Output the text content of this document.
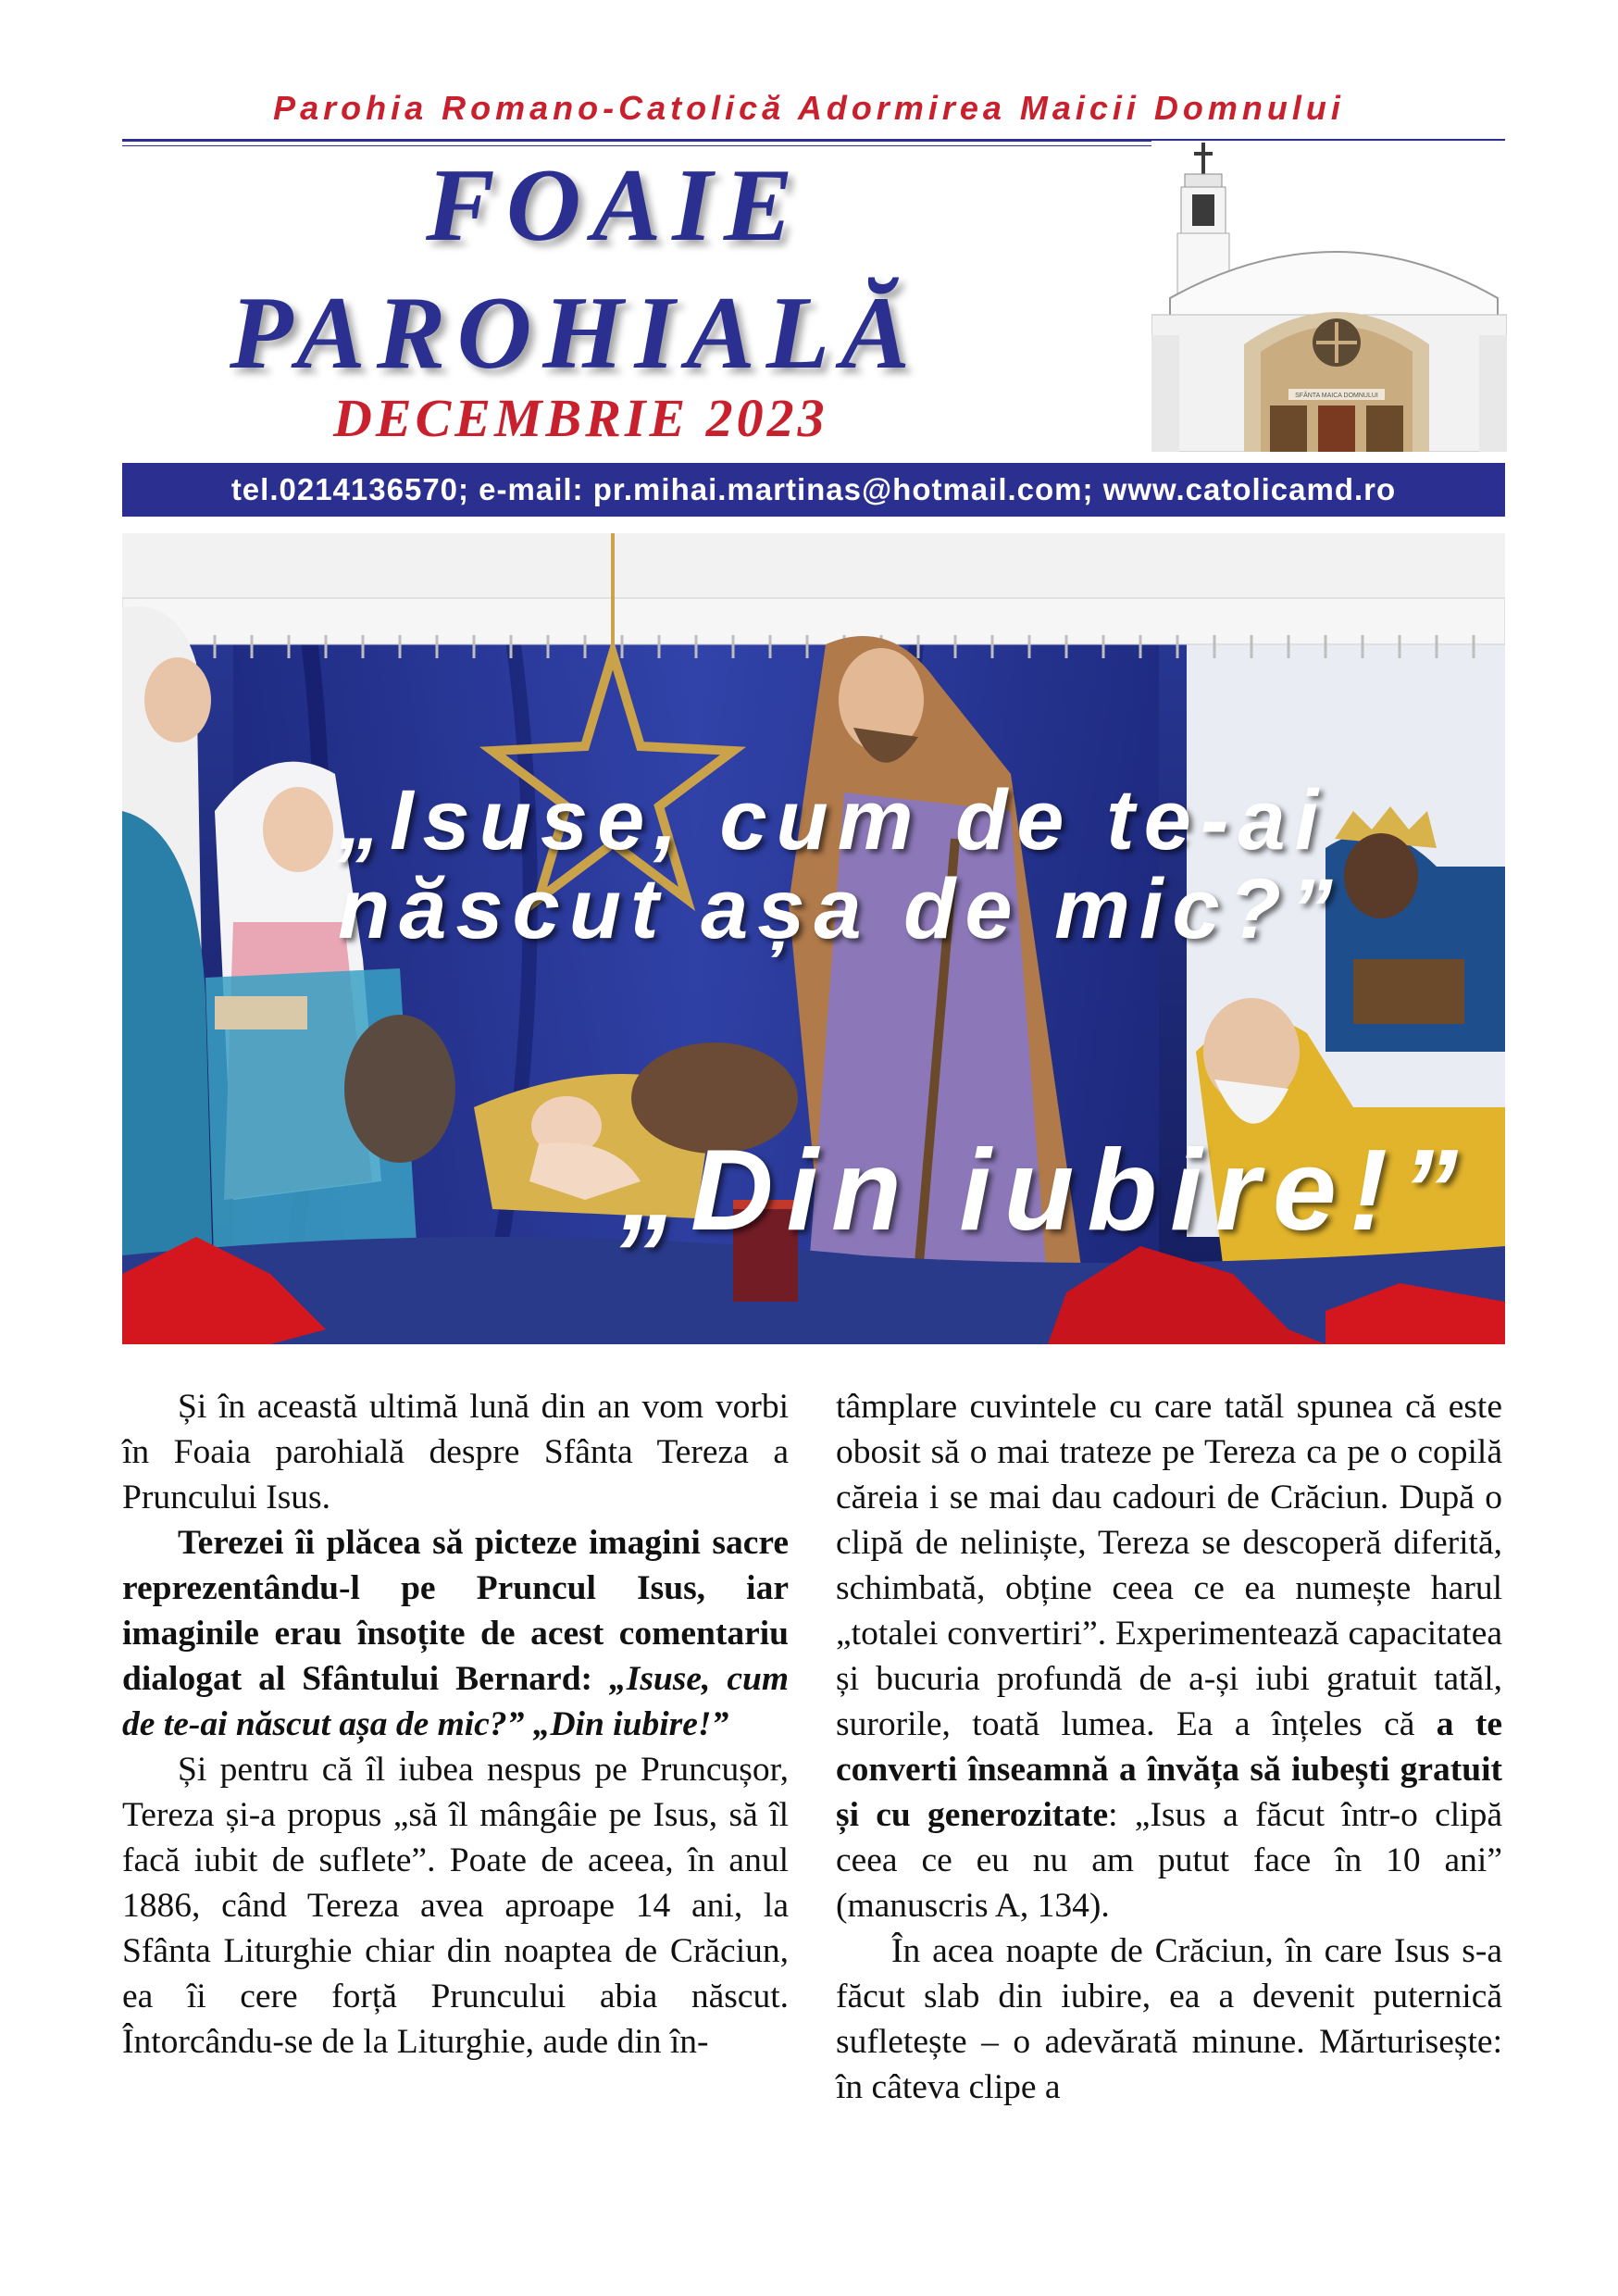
Parohia Romano-Catolică Adormirea Maicii Domnului
FOAIE
PAROHIALĂ
DECEMBRIE 2023	SFÂNTA MAICA DOMNULUI
tel.0214136570; e-mail: pr.mihai.martinas@hotmail.com; www.catolicamd.ro
„Isuse, cum de te-ai
născut așa de mic?”
„Din iubire!”

Și în această ultimă lună din an vom vorbi în Foaia parohială despre Sfânta Tereza a Pruncului Isus.

Terezei îi plăcea să picteze imagini sacre reprezentându-l pe Pruncul Isus, iar imaginile erau însoțite de acest comentariu dialogat al Sfântului Bernard: „Isuse, cum de te-ai născut așa de mic?” „Din iubire!”

Și pentru că îl iubea nespus pe Pruncușor, Tereza și-a propus „să îl mângâie pe Isus, să îl facă iubit de suflete”. Poate de aceea, în anul 1886, când Tereza avea aproape 14 ani, la Sfânta Liturghie chiar din noaptea de Crăciun, ea îi cere forță Pruncului abia născut. Întorcându-se de la Liturghie, aude din în-

tâmplare cuvintele cu care tatăl spunea că este obosit să o mai trateze pe Tereza ca pe o copilă căreia i se mai dau cadouri de Crăciun. După o clipă de neliniște, Tereza se descoperă diferită, schimbată, obține ceea ce ea numește harul „totalei convertiri”. Experimentează capacitatea și bucuria profundă de a-și iubi gratuit tatăl, surorile, toată lumea. Ea a înțeles că a te converti înseamnă a învăța să iubești gratuit și cu generozitate: „Isus a făcut într-o clipă ceea ce eu nu am putut face în 10 ani” (manuscris A, 134).

În acea noapte de Crăciun, în care Isus s-a făcut slab din iubire, ea a devenit puternică sufletește – o adevărată minune. Mărturisește: în câteva clipe a
